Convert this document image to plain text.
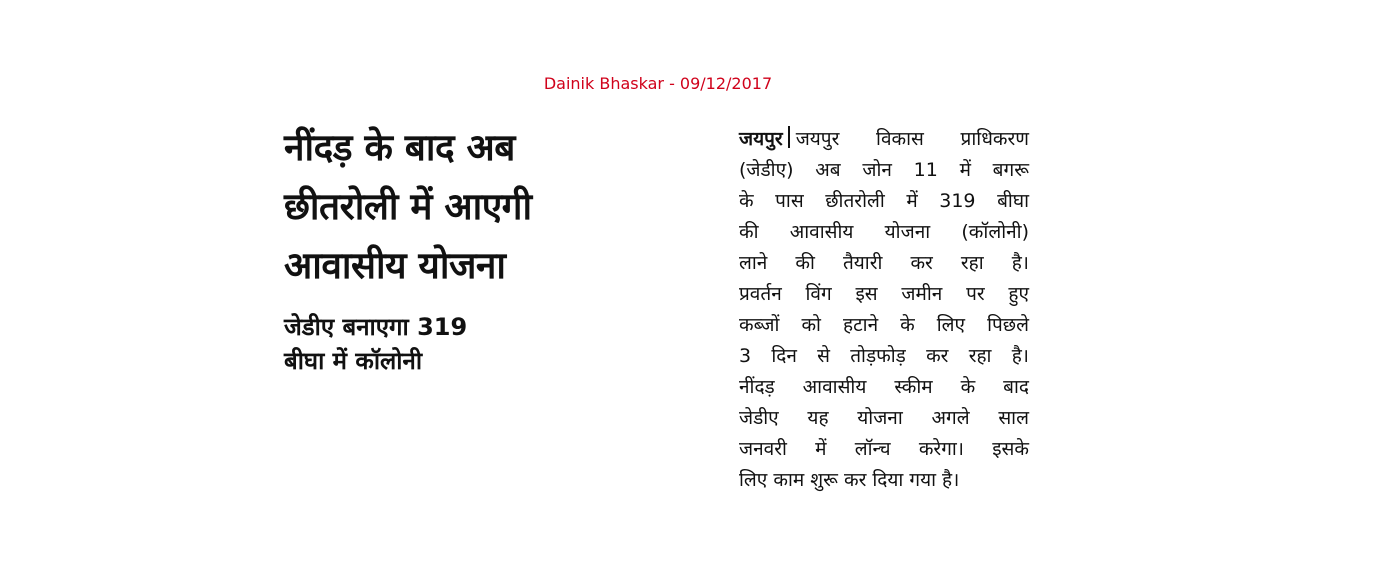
Dainik Bhaskar - 09/12/2017
नींदड़ के बाद अब
छीतरोली में आएगी
आवासीय योजना
जेडीए बनाएगा 319
बीघा में कॉलोनी
जयपुर जयपुर विकास प्राधिकरण
(जेडीए) अब जोन 11 में बगरू
के पास छीतरोली में 319 बीघा
की आवासीय योजना (कॉलोनी)
लाने की तैयारी कर रहा है।
प्रवर्तन विंग इस जमीन पर हुए
कब्जों को हटाने के लिए पिछले
3 दिन से तोड़फोड़ कर रहा है।
नींदड़ आवासीय स्कीम के बाद
जेडीए यह योजना अगले साल
जनवरी में लॉन्च करेगा। इसके
लिए काम शुरू कर दिया गया है।
